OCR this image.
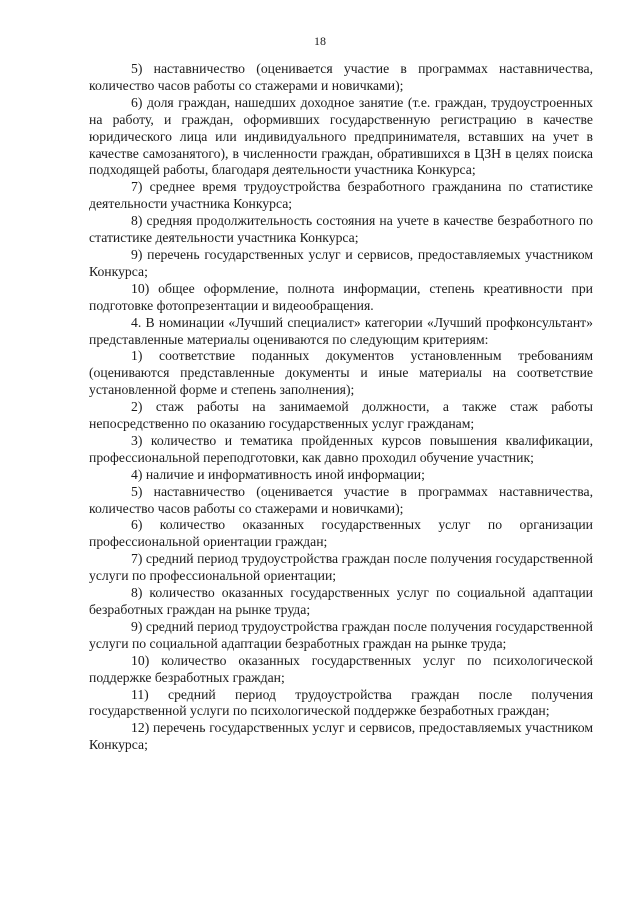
18

5) наставничество (оценивается участие в программах наставничества, количество часов работы со стажерами и новичками);

6) доля граждан, нашедших доходное занятие (т.е. граждан, трудоустроенных на работу, и граждан, оформивших государственную регистрацию в качестве юридического лица или индивидуального предпринимателя, вставших на учет в качестве самозанятого), в численности граждан, обратившихся в ЦЗН в целях поиска подходящей работы, благодаря деятельности участника Конкурса;

7) среднее время трудоустройства безработного гражданина по статистике деятельности участника Конкурса;

8) средняя продолжительность состояния на учете в качестве безработного по статистике деятельности участника Конкурса;

9) перечень государственных услуг и сервисов, предоставляемых участником Конкурса;

10) общее оформление, полнота информации, степень креативности при подготовке фотопрезентации и видеообращения.

4. В номинации «Лучший специалист» категории «Лучший профконсультант» представленные материалы оцениваются по следующим критериям:

1) соответствие поданных документов установленным требованиям (оцениваются представленные документы и иные материалы на соответствие установленной форме и степень заполнения);

2) стаж работы на занимаемой должности, а также стаж работы непосредственно по оказанию государственных услуг гражданам;

3) количество и тематика пройденных курсов повышения квалификации, профессиональной переподготовки, как давно проходил обучение участник;

4) наличие и информативность иной информации;

5) наставничество (оценивается участие в программах наставничества, количество часов работы со стажерами и новичками);

6) количество оказанных государственных услуг по организации профессиональной ориентации граждан;

7) средний период трудоустройства граждан после получения государственной услуги по профессиональной ориентации;

8) количество оказанных государственных услуг по социальной адаптации безработных граждан на рынке труда;

9) средний период трудоустройства граждан после получения государственной услуги по социальной адаптации безработных граждан на рынке труда;

10) количество оказанных государственных услуг по психологической поддержке безработных граждан;

11) средний период трудоустройства граждан после получения государственной услуги по психологической поддержке безработных граждан;

12) перечень государственных услуг и сервисов, предоставляемых участником Конкурса;
